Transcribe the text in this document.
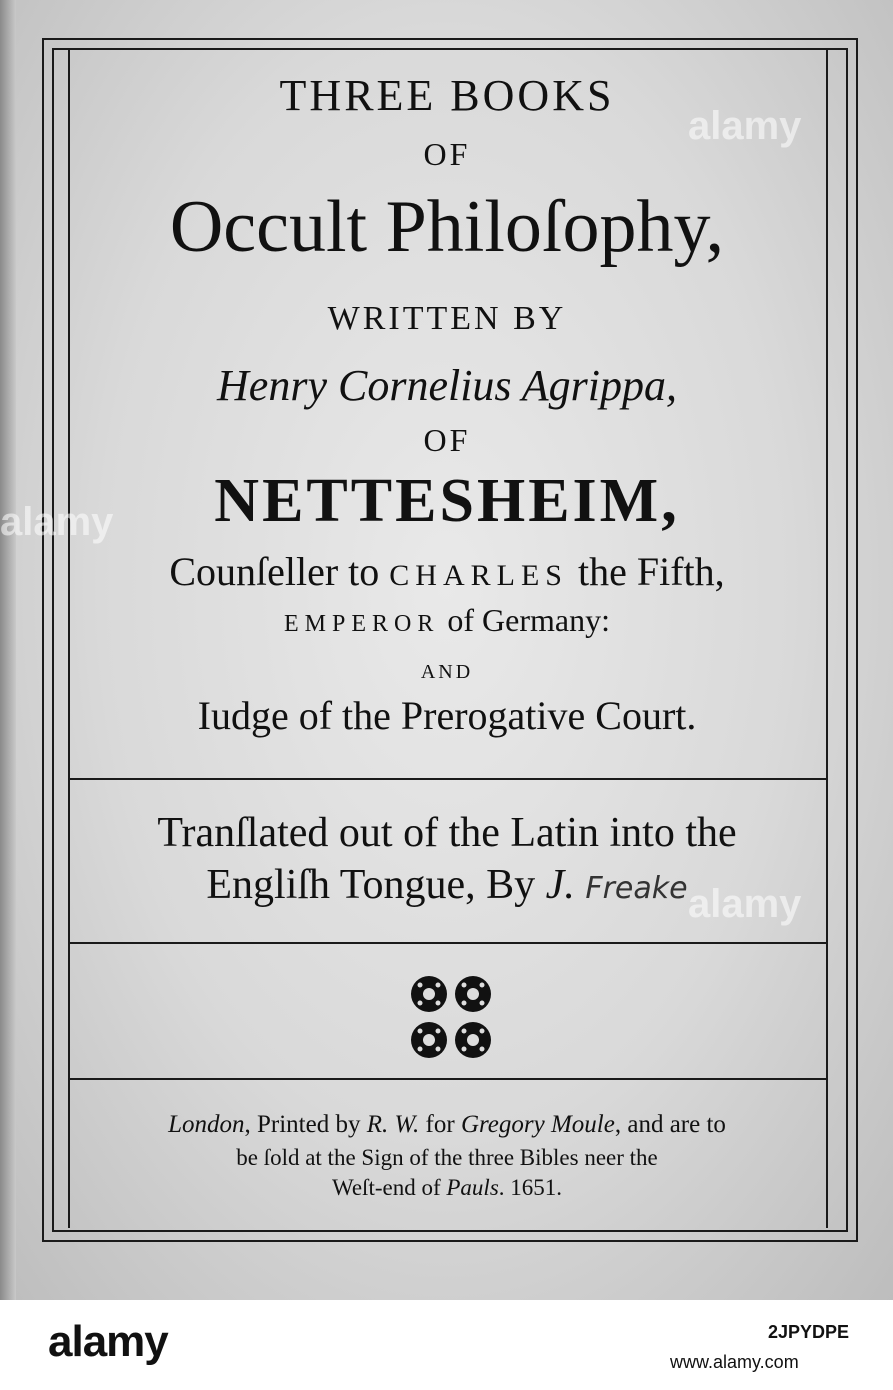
THREE BOOKS
OF
Occult Philoſophy,
WRITTEN BY
Henry Cornelius Agrippa,
OF
NETTESHEIM,
Counſeller to CHARLES the Fifth,
EMPEROR of Germany:
AND
Iudge of the Prerogative Court.
Tranſlated out of the Latin into the
Engliſh Tongue, By J. Freake
London, Printed by R. W. for Gregory Moule, and are to
be ſold at the Sign of the three Bibles neer the
Weſt-end of Pauls. 1651.
alamy
alamy
alamy
alamy	2JPYDPE
www.alamy.com
